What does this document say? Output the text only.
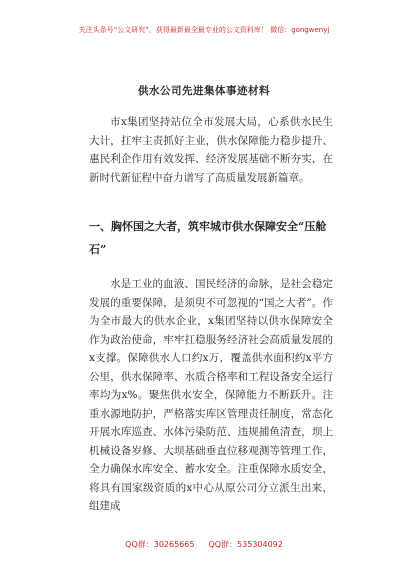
关注头条号“公文研究”，获得最新最全最专业的公文资料库！ 微信：gongwenyj
供水公司先进集体事迹材料

市x集团坚持站位全市发展大局，心系供水民生大计，扛牢主责抓好主业，供水保障能力稳步提升、惠民利企作用有效发挥、经济发展基础不断夯实，在新时代新征程中奋力谱写了高质量发展新篇章。

一、胸怀国之大者，筑牢城市供水保障安全“压舱石”

水是工业的血液、国民经济的命脉，是社会稳定发展的重要保障，是须臾不可忽视的“国之大者”。作为全市最大的供水企业，x集团坚持以供水保障安全作为政治使命，牢牢扛稳服务经济社会高质量发展的x支撑。保障供水人口约x万，覆盖供水面积约x平方公里，供水保障率、水质合格率和工程设备安全运行率均为x%。聚焦供水安全，保障能力不断跃升。注重水源地防护，严格落实库区管理责任制度，常态化开展水库巡查、水体污染防范、违规捕鱼清查，坝上机械设备岁修、大坝基础垂直位移观测等管理工作，全力确保水库安全、蓄水安全。注重保障水质安全，将具有国家级资质的x中心从原公司分立派生出来，组建成

QQ群：30265665 QQ群：535304092
